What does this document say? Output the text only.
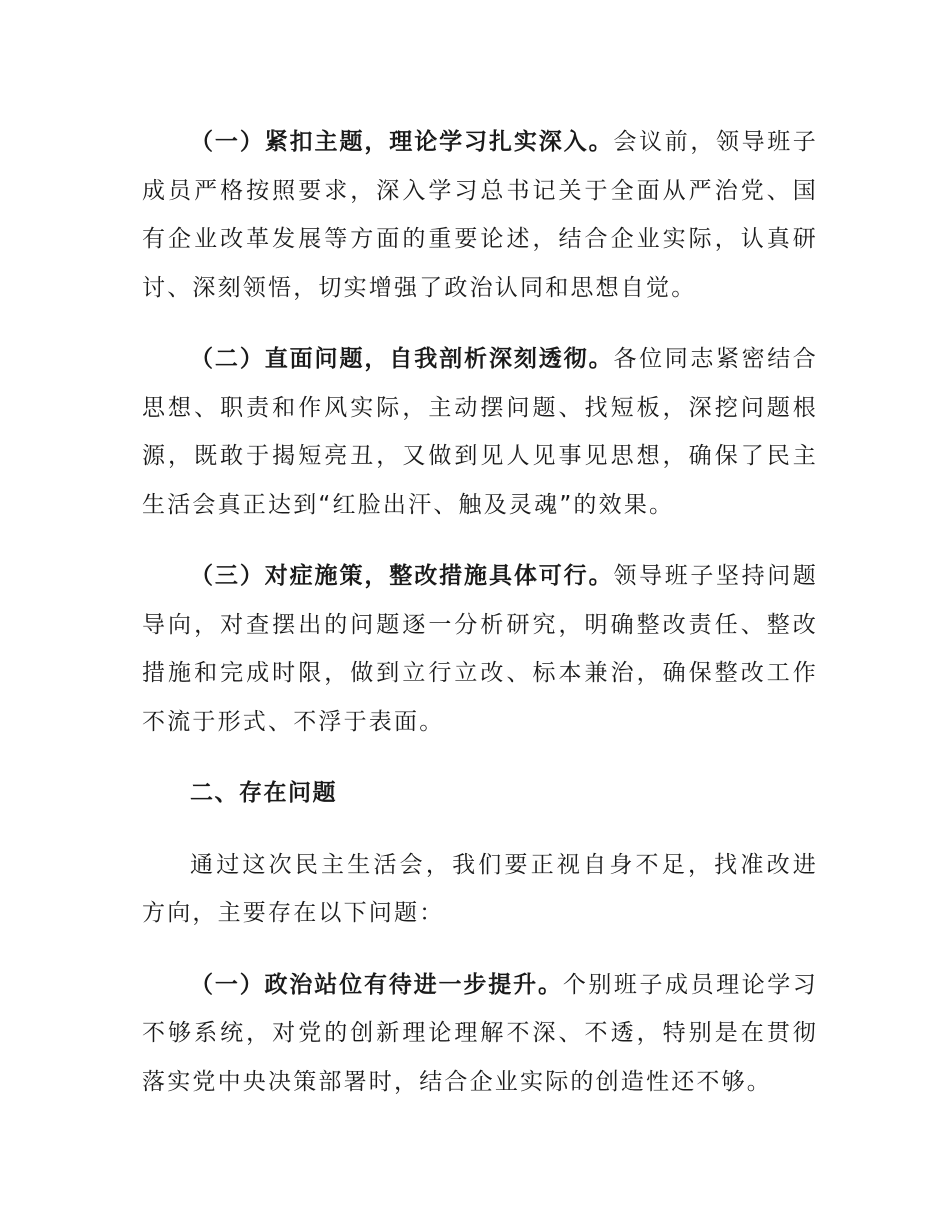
（一）紧扣主题，理论学习扎实深入。会议前，领导班子成员严格按照要求，深入学习总书记关于全面从严治党、国有企业改革发展等方面的重要论述，结合企业实际，认真研讨、深刻领悟，切实增强了政治认同和思想自觉。

（二）直面问题，自我剖析深刻透彻。各位同志紧密结合思想、职责和作风实际，主动摆问题、找短板，深挖问题根源，既敢于揭短亮丑，又做到见人见事见思想，确保了民主生活会真正达到“红脸出汗、触及灵魂”的效果。

（三）对症施策，整改措施具体可行。领导班子坚持问题导向，对查摆出的问题逐一分析研究，明确整改责任、整改措施和完成时限，做到立行立改、标本兼治，确保整改工作不流于形式、不浮于表面。

二、存在问题

通过这次民主生活会，我们要正视自身不足，找准改进方向，主要存在以下问题：

（一）政治站位有待进一步提升。个别班子成员理论学习不够系统，对党的创新理论理解不深、不透，特别是在贯彻落实党中央决策部署时，结合企业实际的创造性还不够。
